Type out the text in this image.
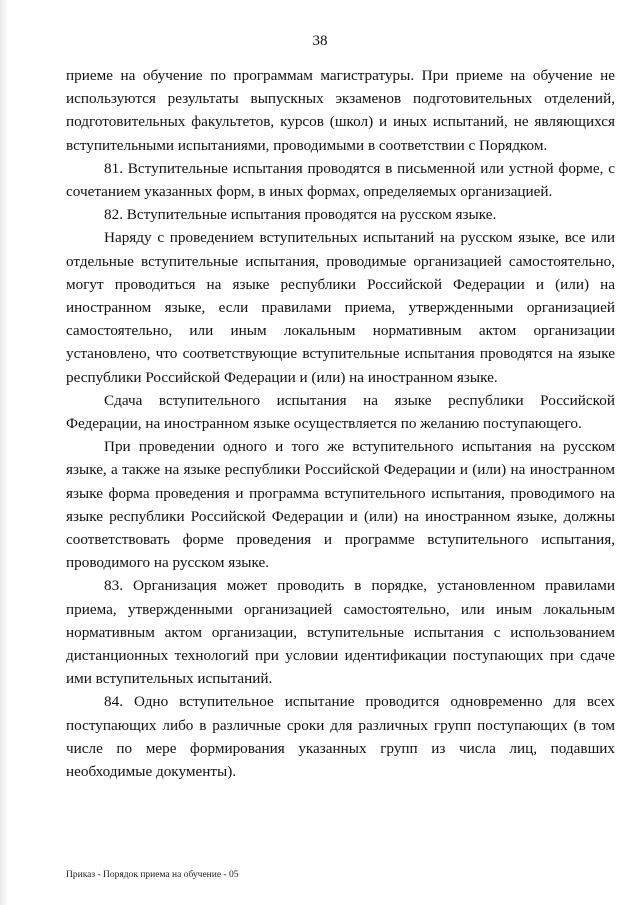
38

приеме на обучение по программам магистратуры. При приеме на обучение не используются результаты выпускных экзаменов подготовительных отделений, подготовительных факультетов, курсов (школ) и иных испытаний, не являющихся вступительными испытаниями, проводимыми в соответствии с Порядком.

81. Вступительные испытания проводятся в письменной или устной форме, с сочетанием указанных форм, в иных формах, определяемых организацией.

82. Вступительные испытания проводятся на русском языке.

Наряду с проведением вступительных испытаний на русском языке, все или отдельные вступительные испытания, проводимые организацией самостоятельно, могут проводиться на языке республики Российской Федерации и (или) на иностранном языке, если правилами приема, утвержденными организацией самостоятельно, или иным локальным нормативным актом организации установлено, что соответствующие вступительные испытания проводятся на языке республики Российской Федерации и (или) на иностранном языке.

Сдача вступительного испытания на языке республики Российской Федерации, на иностранном языке осуществляется по желанию поступающего.

При проведении одного и того же вступительного испытания на русском языке, а также на языке республики Российской Федерации и (или) на иностранном языке форма проведения и программа вступительного испытания, проводимого на языке республики Российской Федерации и (или) на иностранном языке, должны соответствовать форме проведения и программе вступительного испытания, проводимого на русском языке.

83. Организация может проводить в порядке, установленном правилами приема, утвержденными организацией самостоятельно, или иным локальным нормативным актом организации, вступительные испытания с использованием дистанционных технологий при условии идентификации поступающих при сдаче ими вступительных испытаний.

84. Одно вступительное испытание проводится одновременно для всех поступающих либо в различные сроки для различных групп поступающих (в том числе по мере формирования указанных групп из числа лиц, подавших необходимые документы).

Приказ - Порядок приема на обучение - 05
